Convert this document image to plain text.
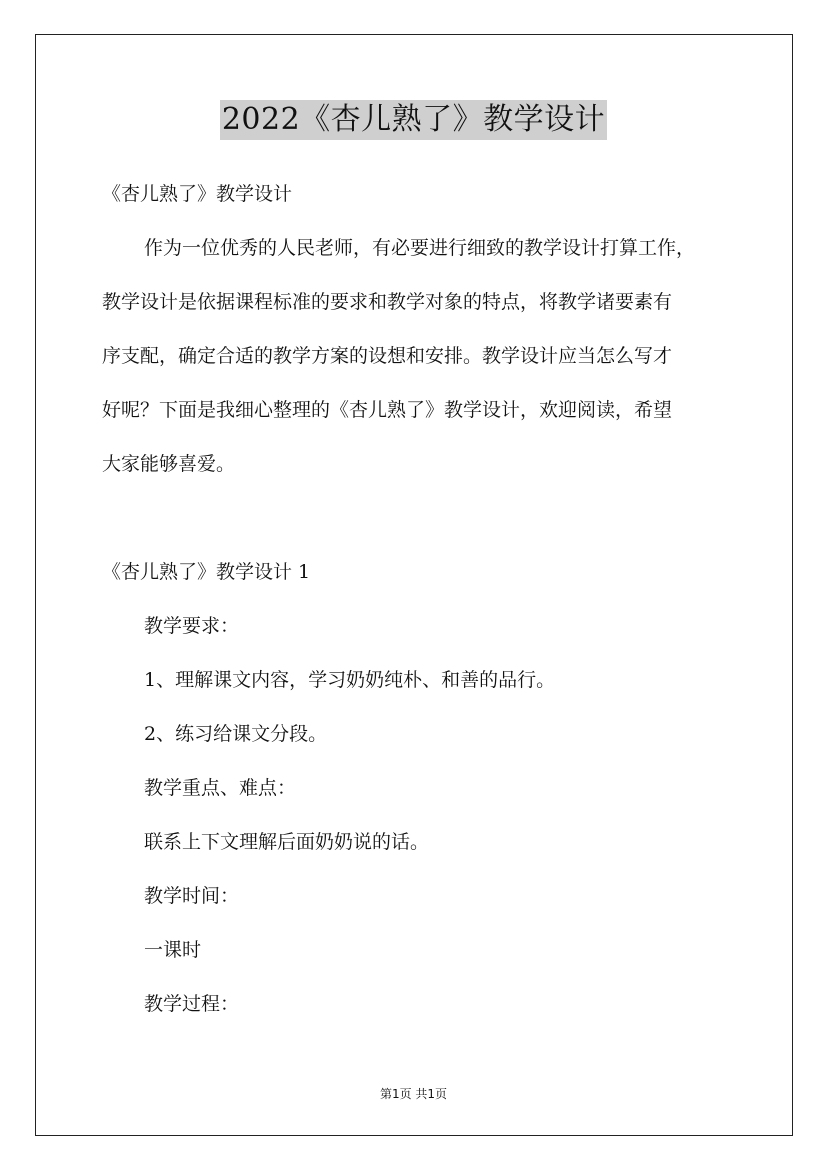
2022《杏儿熟了》教学设计
《杏儿熟了》教学设计
作为一位优秀的人民老师，有必要进行细致的教学设计打算工作，
教学设计是依据课程标准的要求和教学对象的特点，将教学诸要素有
序支配，确定合适的教学方案的设想和安排。教学设计应当怎么写才
好呢？下面是我细心整理的《杏儿熟了》教学设计，欢迎阅读，希望
大家能够喜爱。
《杏儿熟了》教学设计 1
教学要求：
1、理解课文内容，学习奶奶纯朴、和善的品行。
2、练习给课文分段。
教学重点、难点：
联系上下文理解后面奶奶说的话。
教学时间：
一课时
教学过程：
第1页 共1页
